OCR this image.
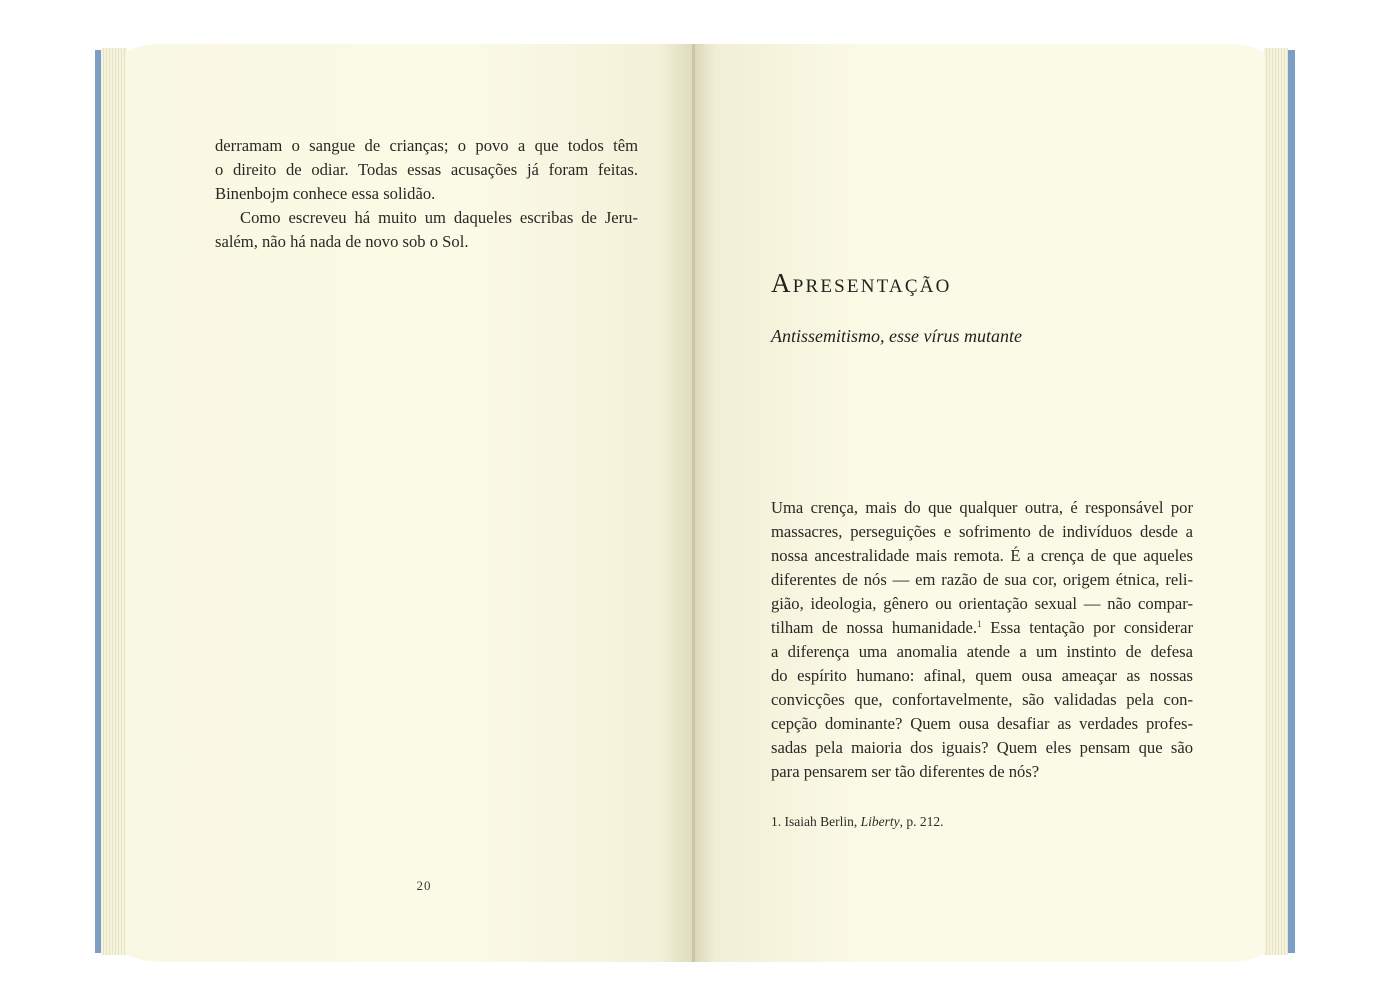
derramam o sangue de crianças; o povo a que todos têm
o direito de odiar. Todas essas acusações já foram feitas.
Binenbojm conhece essa solidão.

Como escreveu há muito um daqueles escribas de Jeru-
salém, não há nada de novo sob o Sol.

20
Apresentação
Antissemitismo, esse vírus mutante
Uma crença, mais do que qualquer outra, é responsável por
massacres, perseguições e sofrimento de indivíduos desde a
nossa ancestralidade mais remota. É a crença de que aqueles
diferentes de nós — em razão de sua cor, origem étnica, reli-
gião, ideologia, gênero ou orientação sexual — não compar-
tilham de nossa humanidade.$^1$ Essa tentação por considerar
a diferença uma anomalia atende a um instinto de defesa
do espírito humano: afinal, quem ousa ameaçar as nossas
convicções que, confortavelmente, são validadas pela con-
cepção dominante? Quem ousa desafiar as verdades profes-
sadas pela maioria dos iguais? Quem eles pensam que são
para pensarem ser tão diferentes de nós?
1. Isaiah Berlin, Liberty, p. 212.
